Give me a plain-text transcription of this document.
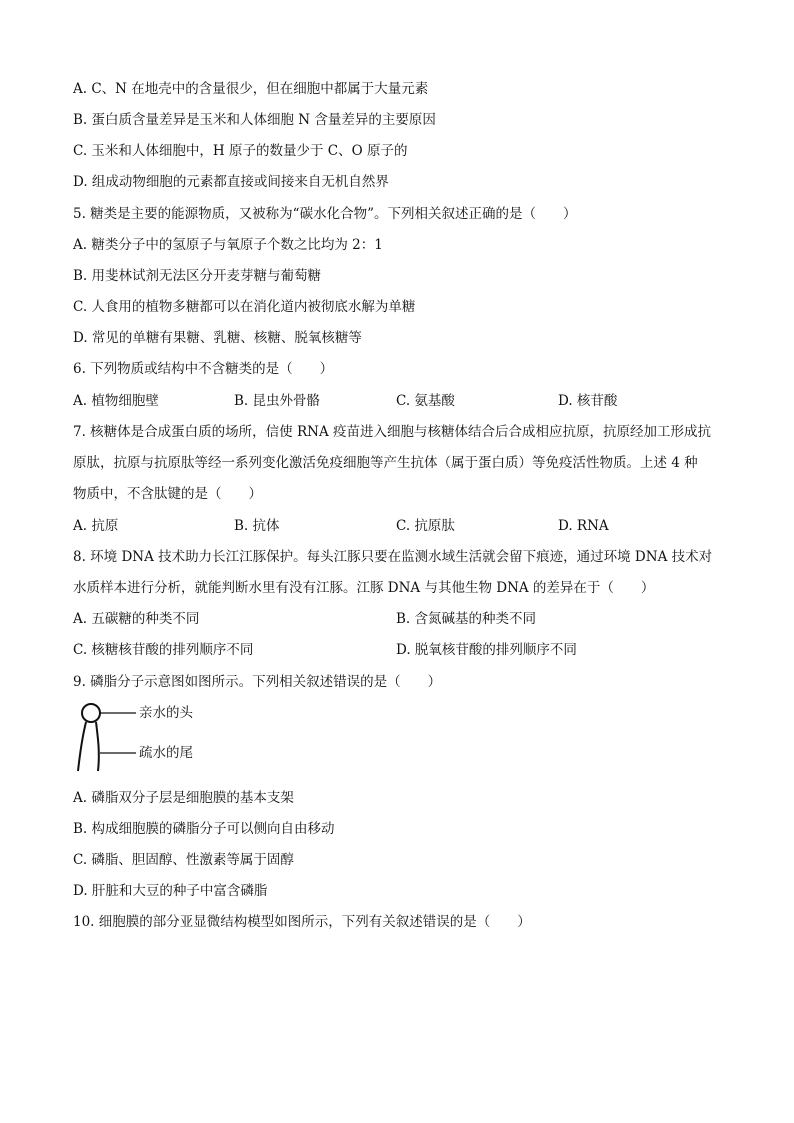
A. C、N 在地壳中的含量很少，但在细胞中都属于大量元素
B. 蛋白质含量差异是玉米和人体细胞 N 含量差异的主要原因
C. 玉米和人体细胞中，H 原子的数量少于 C、O 原子的
D. 组成动物细胞的元素都直接或间接来自无机自然界
5. 糖类是主要的能源物质，又被称为“碳水化合物”。下列相关叙述正确的是（　　）
A. 糖类分子中的氢原子与氧原子个数之比均为 2：1
B. 用斐林试剂无法区分开麦芽糖与葡萄糖
C. 人食用的植物多糖都可以在消化道内被彻底水解为单糖
D. 常见的单糖有果糖、乳糖、核糖、脱氧核糖等
6. 下列物质或结构中不含糖类的是（　　）
A. 植物细胞壁	B. 昆虫外骨骼	C. 氨基酸	D. 核苷酸
7. 核糖体是合成蛋白质的场所，信使 RNA 疫苗进入细胞与核糖体结合后合成相应抗原，抗原经加工形成抗
原肽，抗原与抗原肽等经一系列变化激活免疫细胞等产生抗体（属于蛋白质）等免疫活性物质。上述 4 种
物质中，不含肽键的是（　　）
A. 抗原	B. 抗体	C. 抗原肽	D. RNA
8. 环境 DNA 技术助力长江江豚保护。每头江豚只要在监测水域生活就会留下痕迹，通过环境 DNA 技术对
水质样本进行分析，就能判断水里有没有江豚。江豚 DNA 与其他生物 DNA 的差异在于（　　）
A. 五碳糖的种类不同	B. 含氮碱基的种类不同
C. 核糖核苷酸的排列顺序不同	D. 脱氧核苷酸的排列顺序不同
9. 磷脂分子示意图如图所示。下列相关叙述错误的是（　　）
亲水的头
疏水的尾
A. 磷脂双分子层是细胞膜的基本支架
B. 构成细胞膜的磷脂分子可以侧向自由移动
C. 磷脂、胆固醇、性激素等属于固醇
D. 肝脏和大豆的种子中富含磷脂
10. 细胞膜的部分亚显微结构模型如图所示，下列有关叙述错误的是（　　）
